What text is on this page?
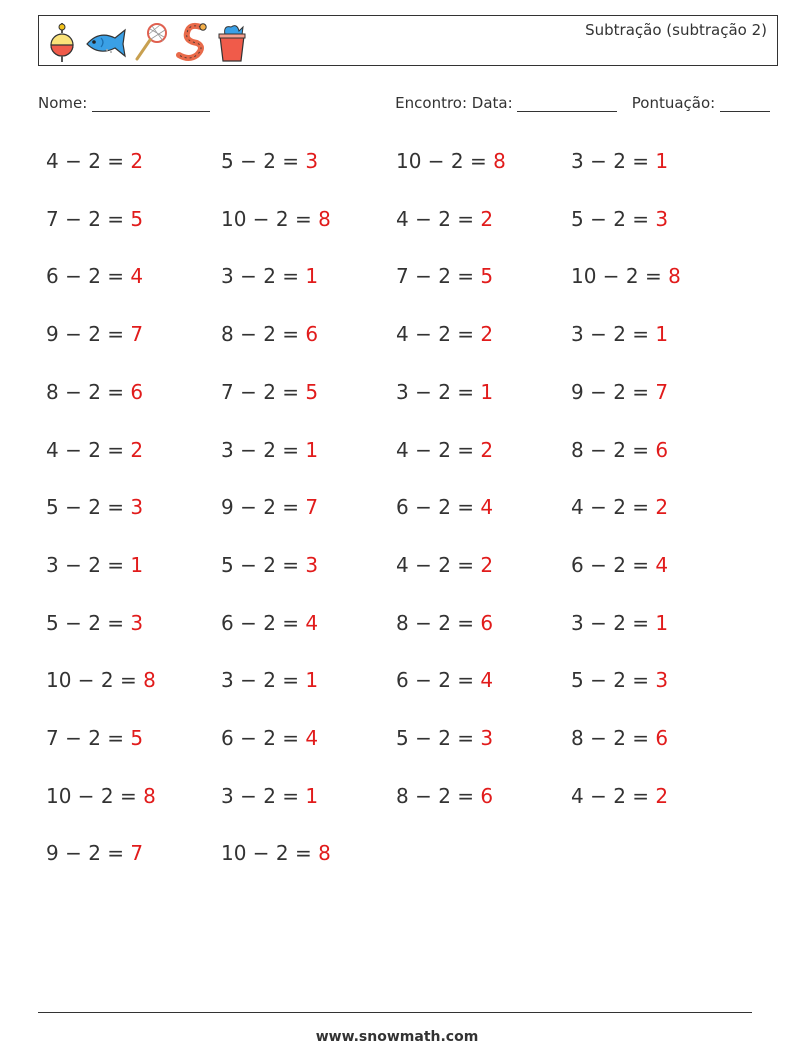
Subtração (subtração 2)
Nome:	Encontro: Data:	Pontuação:
4 − 2 = 2	5 − 2 = 3	10 − 2 = 8	3 − 2 = 1
7 − 2 = 5	10 − 2 = 8	4 − 2 = 2	5 − 2 = 3
6 − 2 = 4	3 − 2 = 1	7 − 2 = 5	10 − 2 = 8
9 − 2 = 7	8 − 2 = 6	4 − 2 = 2	3 − 2 = 1
8 − 2 = 6	7 − 2 = 5	3 − 2 = 1	9 − 2 = 7
4 − 2 = 2	3 − 2 = 1	4 − 2 = 2	8 − 2 = 6
5 − 2 = 3	9 − 2 = 7	6 − 2 = 4	4 − 2 = 2
3 − 2 = 1	5 − 2 = 3	4 − 2 = 2	6 − 2 = 4
5 − 2 = 3	6 − 2 = 4	8 − 2 = 6	3 − 2 = 1
10 − 2 = 8	3 − 2 = 1	6 − 2 = 4	5 − 2 = 3
7 − 2 = 5	6 − 2 = 4	5 − 2 = 3	8 − 2 = 6
10 − 2 = 8	3 − 2 = 1	8 − 2 = 6	4 − 2 = 2
9 − 2 = 7	10 − 2 = 8
www.snowmath.com
